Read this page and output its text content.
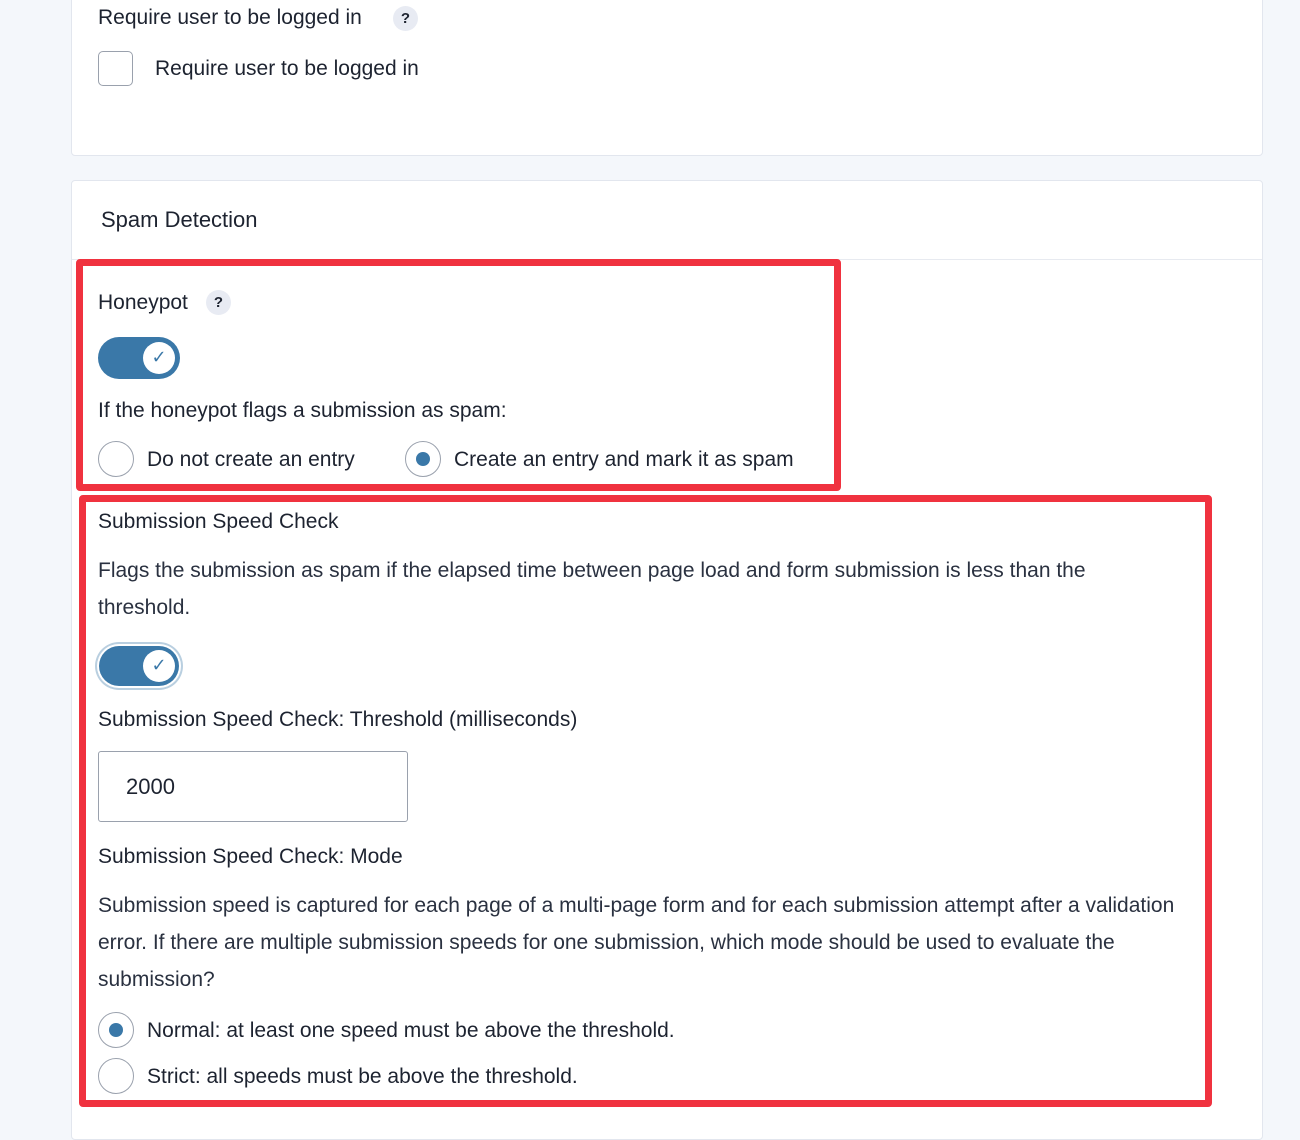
Require user to be logged in	?
Require user to be logged in
Spam Detection
Honeypot	?
✓
If the honeypot flags a submission as spam:
Do not create an entry	Create an entry and mark it as spam
Submission Speed Check
Flags the submission as spam if the elapsed time between page load and form submission is less than the threshold.
✓
Submission Speed Check: Threshold (milliseconds)
2000
Submission Speed Check: Mode
Submission speed is captured for each page of a multi-page form and for each submission attempt after a validation error. If there are multiple submission speeds for one submission, which mode should be used to evaluate the submission?
Normal: at least one speed must be above the threshold.
Strict: all speeds must be above the threshold.
